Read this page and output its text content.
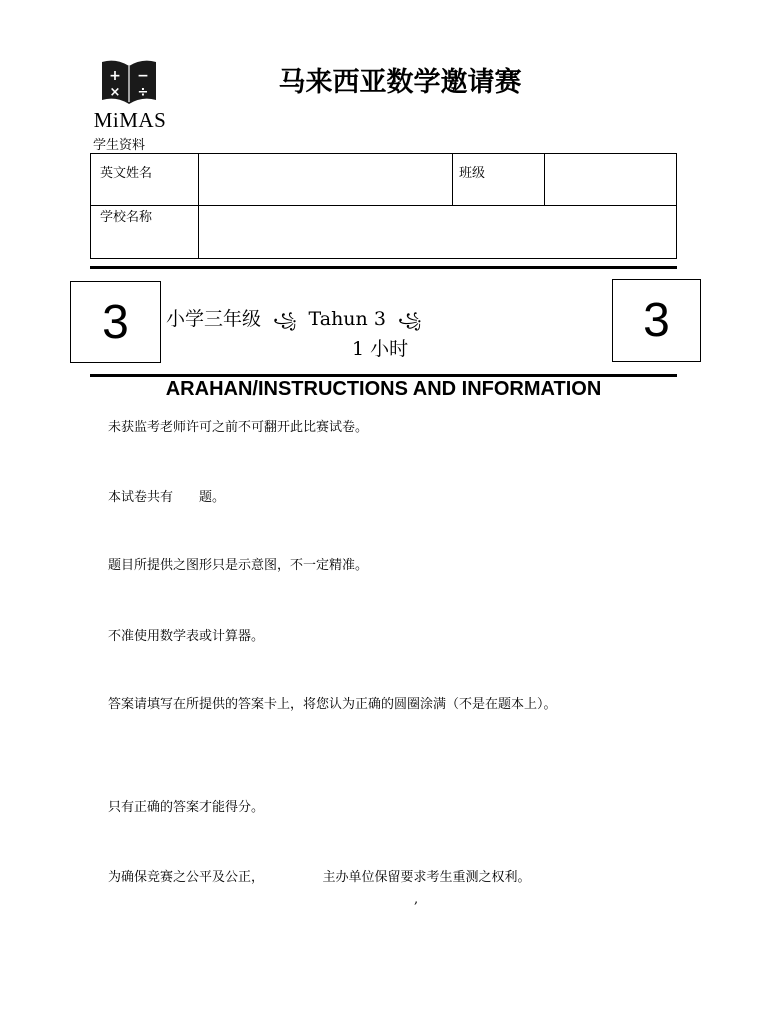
+ −
× ÷
MiMAS
马来西亚数学邀请赛
学生资料
英文姓名	班级
学校名称
3	3
小学三年级 ꧁ Tahun 3 ꧁
1 小时
ARAHAN/INSTRUCTIONS AND INFORMATION
未获监考老师许可之前不可翻开此比赛试卷。
本试卷共有　　题。
题目所提供之图形只是示意图，不一定精准。
不准使用数学表或计算器。
答案请填写在所提供的答案卡上，将您认为正确的圆圈涂满（不是在题本上）。
只有正确的答案才能得分。
为确保竞赛之公平及公正，　　　　　主办单位保留要求考生重测之权利。
,
